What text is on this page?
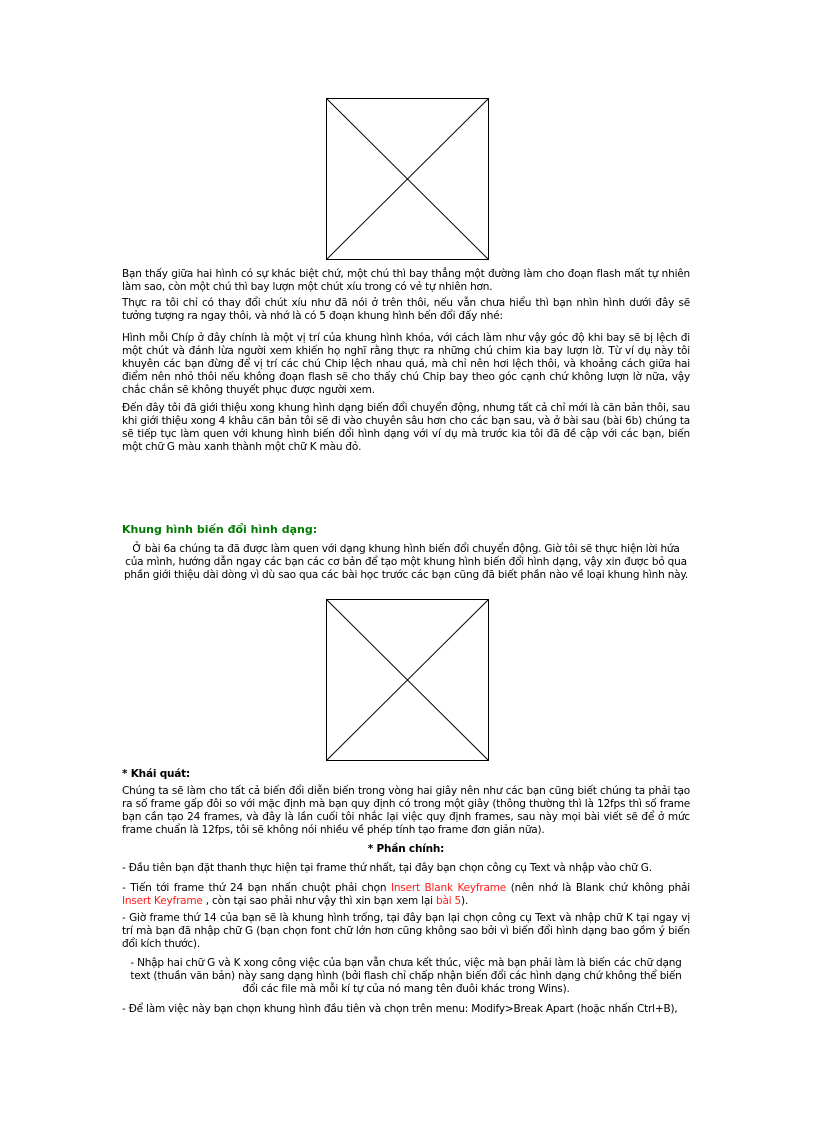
Bạn thấy giữa hai hình có sự khác biệt chứ, một chú thì bay thẳng một đường làm cho đoạn flash mất tự nhiên làm sao, còn một chú thì bay lượn một chút xíu trong có vẻ tự nhiên hơn.

Thực ra tôi chỉ có thay đổi chút xíu như đã nói ở trên thôi, nếu vẫn chưa hiểu thì bạn nhìn hình dưới đây sẽ tưởng tượng ra ngay thôi, và nhớ là có 5 đoạn khung hình bến đổi đấy nhé:

Hình mỗi Chíp ở đây chính là một vị trí của khung hình khóa, với cách làm như vậy góc độ khi bay sẽ bị lệch đi một chút và đánh lừa người xem khiến họ nghĩ rằng thực ra những chú chim kia bay lượn lờ. Từ ví dụ này tôi khuyên các bạn đừng để vị trí các chú Chip lệch nhau quá, mà chỉ nên hơi lệch thôi, và khoảng cách giữa hai điểm nên nhỏ thôi nếu không đoạn flash sẽ cho thấy chú Chip bay theo góc cạnh chứ không lượn lờ nữa, vậy chắc chắn sẽ không thuyết phục được người xem.

Đến đây tôi đã giới thiệu xong khung hình dạng biến đổi chuyển động, nhưng tất cả chỉ mới là căn bản thôi, sau khi giới thiệu xong 4 khâu căn bản tôi sẽ đi vào chuyên sâu hơn cho các bạn sau, và ở bài sau (bài 6b) chúng ta sẽ tiếp tục làm quen với khung hình biến đổi hình dạng với ví dụ mà trước kia tôi đã đề cập với các bạn, biến một chữ G màu xanh thành một chữ K màu đỏ.

Khung hình biến đổi hình dạng:

Ở bài 6a chúng ta đã được làm quen với dạng khung hình biến đổi chuyển động. Giờ tôi sẽ thực hiện lời hứa của mình, hướng dẫn ngay các bạn các cơ bản để tạo một khung hình biến đổi hình dạng, vậy xin được bỏ qua phần giới thiệu dài dòng vì dù sao qua các bài học trước các bạn cũng đã biết phần nào về loại khung hình này.

* Khái quát:

Chúng ta sẽ làm cho tất cả biến đổi diễn biến trong vòng hai giây nên như các bạn cũng biết chúng ta phải tạo ra số frame gấp đôi so với mặc định mà bạn quy định có trong một giây (thông thường thì là 12fps thì số frame bạn cần tạo 24 frames, và đây là lần cuối tôi nhắc lại việc quy định frames, sau này mọi bài viết sẽ để ở mức frame chuẩn là 12fps, tôi sẽ không nói nhiều về phép tính tạo frame đơn giản nữa).

* Phần chính:

- Đầu tiên bạn đặt thanh thực hiện tại frame thứ nhất, tại đây bạn chọn công cụ Text và nhập vào chữ G.

- Tiến tới frame thứ 24 bạn nhấn chuột phải chọn Insert Blank Keyframe (nên nhớ là Blank chứ không phải Insert Keyframe , còn tại sao phải như vậy thì xin bạn xem lại bài 5).

- Giờ frame thứ 14 của bạn sẽ là khung hình trống, tại đây bạn lại chọn công cụ Text và nhập chữ K tại ngay vị trí mà bạn đã nhập chữ G (bạn chọn font chữ lớn hơn cũng không sao bởi vì biến đổi hình dạng bao gồm ý biến đổi kích thước).

- Nhập hai chữ G và K xong công việc của bạn vẫn chưa kết thúc, việc mà bạn phải làm là biến các chữ dạng text (thuần văn bản) này sang dạng hình (bởi flash chỉ chấp nhận biến đổi các hình dạng chứ không thể biến đổi các file mà mỗi kí tự của nó mang tên đuôi khác trong Wins).

- Để làm việc này bạn chọn khung hình đầu tiên và chọn trên menu: Modify>Break Apart (hoặc nhấn Ctrl+B),
